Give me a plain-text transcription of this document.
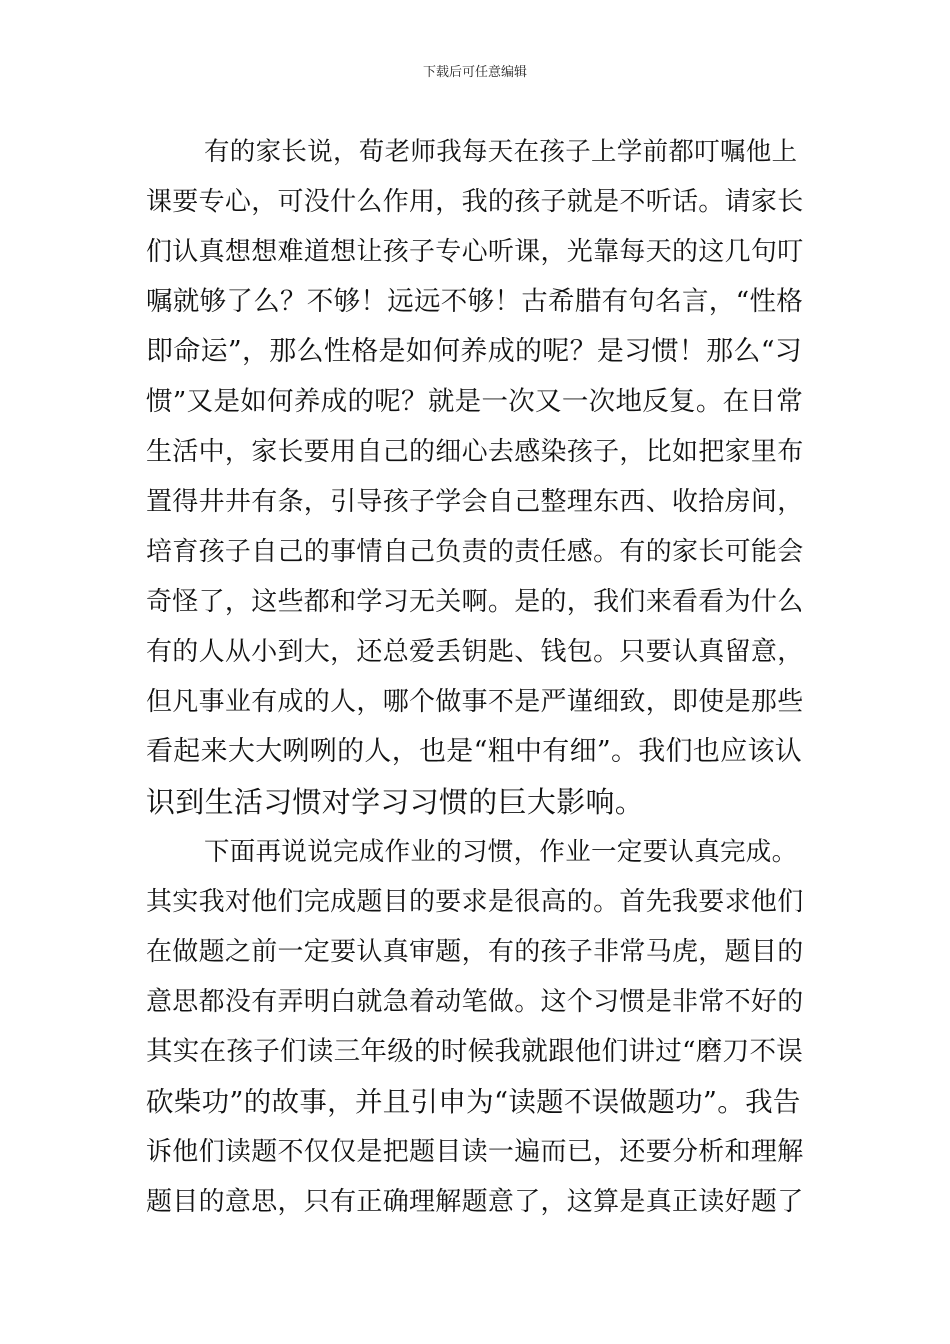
下载后可任意编辑
有的家长说，荀老师我每天在孩子上学前都叮嘱他上
课要专心，可没什么作用，我的孩子就是不听话。请家长
们认真想想难道想让孩子专心听课，光靠每天的这几句叮
嘱就够了么？不够！远远不够！古希腊有句名言，“性格
即命运”，那么性格是如何养成的呢？是习惯！那么“习
惯”又是如何养成的呢？就是一次又一次地反复。在日常
生活中，家长要用自己的细心去感染孩子，比如把家里布
置得井井有条，引导孩子学会自己整理东西、收拾房间，
培育孩子自己的事情自己负责的责任感。有的家长可能会
奇怪了，这些都和学习无关啊。是的，我们来看看为什么
有的人从小到大，还总爱丢钥匙、钱包。只要认真留意，
但凡事业有成的人，哪个做事不是严谨细致，即使是那些
看起来大大咧咧的人，也是“粗中有细”。我们也应该认
识到生活习惯对学习习惯的巨大影响。
下面再说说完成作业的习惯，作业一定要认真完成。
其实我对他们完成题目的要求是很高的。首先我要求他们
在做题之前一定要认真审题，有的孩子非常马虎，题目的
意思都没有弄明白就急着动笔做。这个习惯是非常不好的
其实在孩子们读三年级的时候我就跟他们讲过“磨刀不误
砍柴功”的故事，并且引申为“读题不误做题功”。我告
诉他们读题不仅仅是把题目读一遍而已，还要分析和理解
题目的意思，只有正确理解题意了，这算是真正读好题了
